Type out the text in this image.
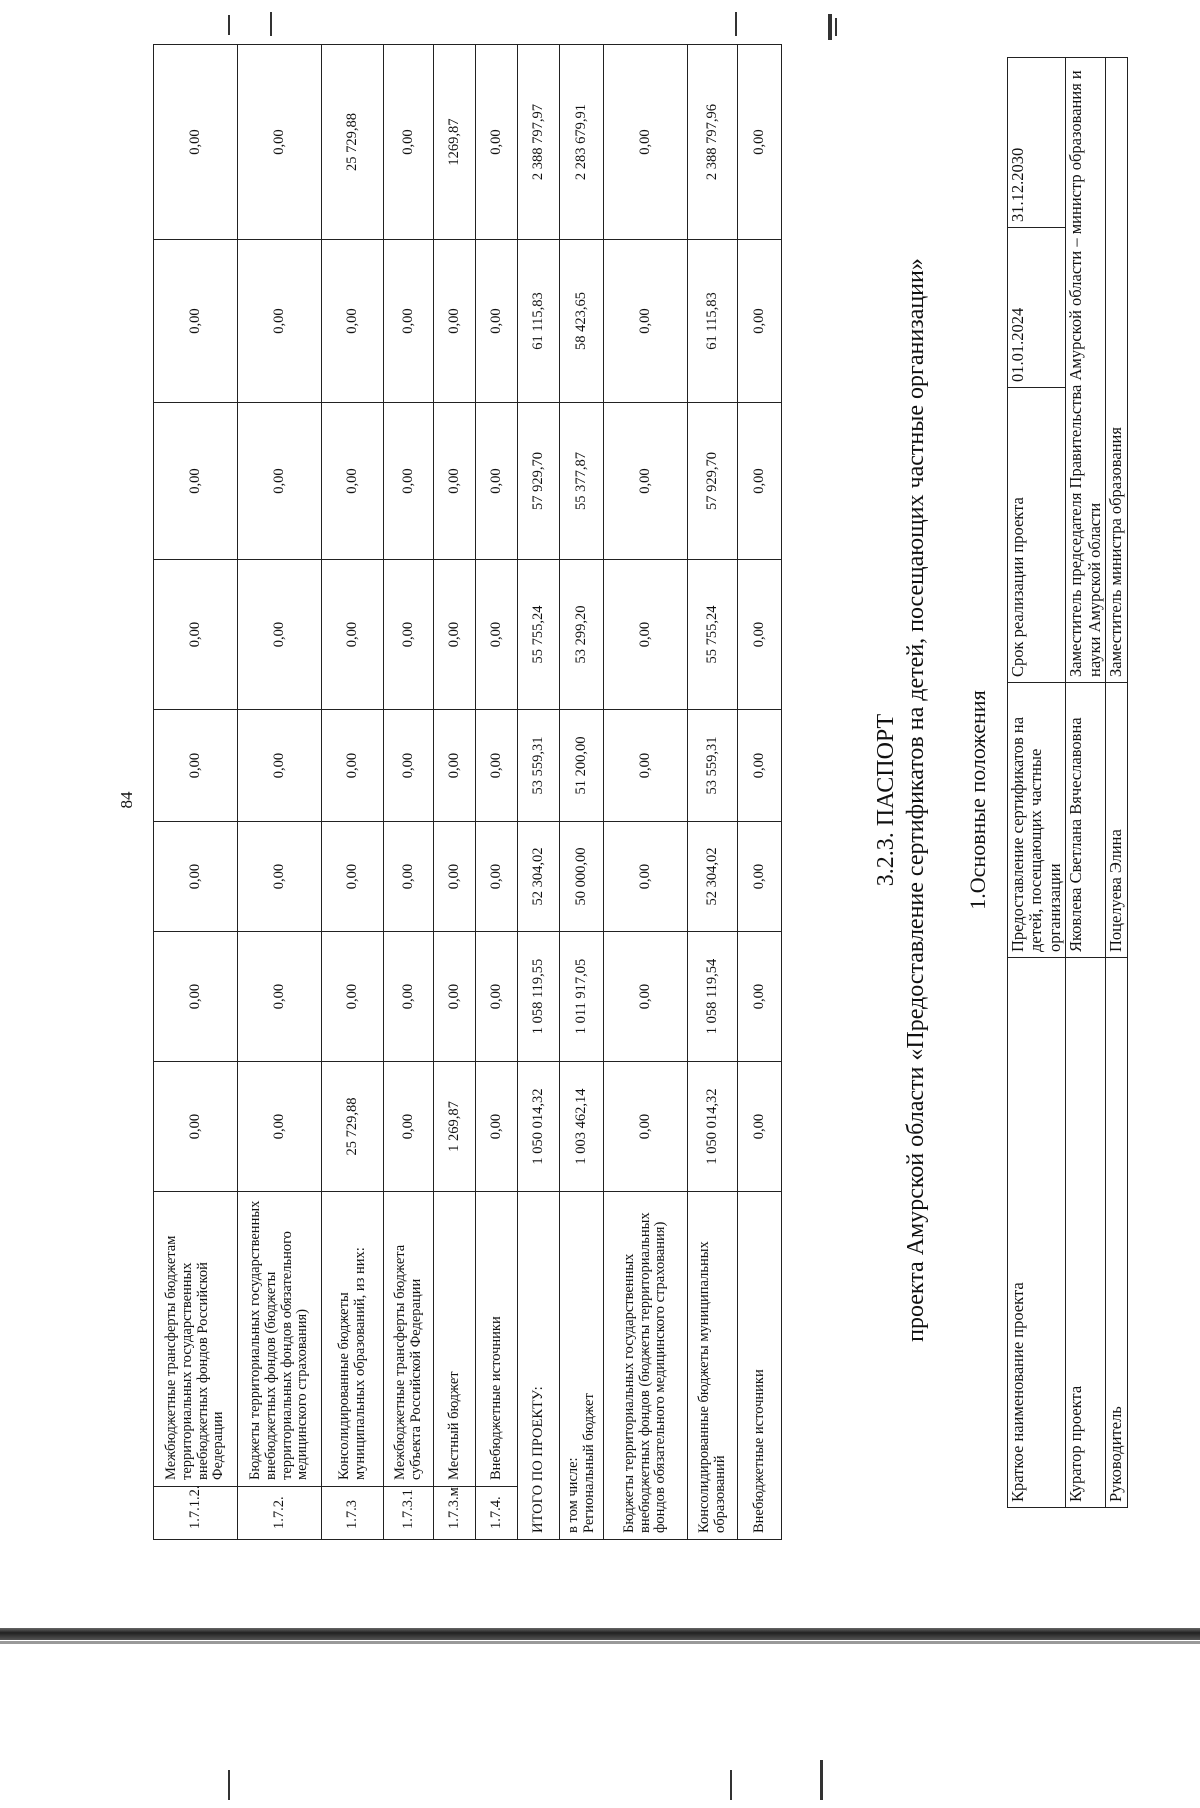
84
1.7.1.2.	Межбюджетные трансферты бюджетам территориальных государственных внебюджетных фондов Российской Федерации	0,00	0,00	0,00	0,00	0,00	0,00	0,00	0,00
1.7.2.	Бюджеты территориальных государственных внебюджетных фондов (бюджеты территориальных фондов обязательного медицинского страхования)	0,00	0,00	0,00	0,00	0,00	0,00	0,00	0,00
1.7.3	Консолидированные бюджеты муниципальных образований, из них:	25 729,88	0,00	0,00	0,00	0,00	0,00	0,00	25 729,88
1.7.3.1	Межбюджетные трансферты бюджета субъекта Российской Федерации	0,00	0,00	0,00	0,00	0,00	0,00	0,00	0,00
1.7.3.м	Местный бюджет	1 269,87	0,00	0,00	0,00	0,00	0,00	0,00	1269,87
1.7.4.	Внебюджетные источники	0,00	0,00	0,00	0,00	0,00	0,00	0,00	0,00
ИТОГО ПО ПРОЕКТУ:		1 050 014,32	1 058 119,55	52 304,02	53 559,31	55 755,24	57 929,70	61 115,83	2 388 797,97

в том числе: Региональный бюджет		1 003 462,14	1 011 917,05	50 000,00	51 200,00	53 299,20	55 377,87	58 423,65	2 283 679,91
Бюджеты территориальных государственных внебюджетных фондов (бюджеты территориальных фондов обязательного медицинского страхования)		0,00	0,00	0,00	0,00	0,00	0,00	0,00	0,00
Консолидированные бюджеты муниципальных образований		1 050 014,32	1 058 119,54	52 304,02	53 559,31	55 755,24	57 929,70	61 115,83	2 388 797,96
Внебюджетные источники		0,00	0,00	0,00	0,00	0,00	0,00	0,00	0,00
3.2.3. ПАСПОРТ проекта Амурской области «Предоставление сертификатов на детей, посещающих частные организации» 1.Основные положения
Краткое наименование проекта	Предоставление сертификатов на детей, посещающих частные организации	Срок реализации проекта	01.01.2024	31.12.2030
Куратор проекта	Яковлева Светлана Вячеславовна	Заместитель председателя Правительства Амурской области – министр образования и науки Амурской области		
Руководитель	Поцелуева Элина	Заместитель министра образования		
